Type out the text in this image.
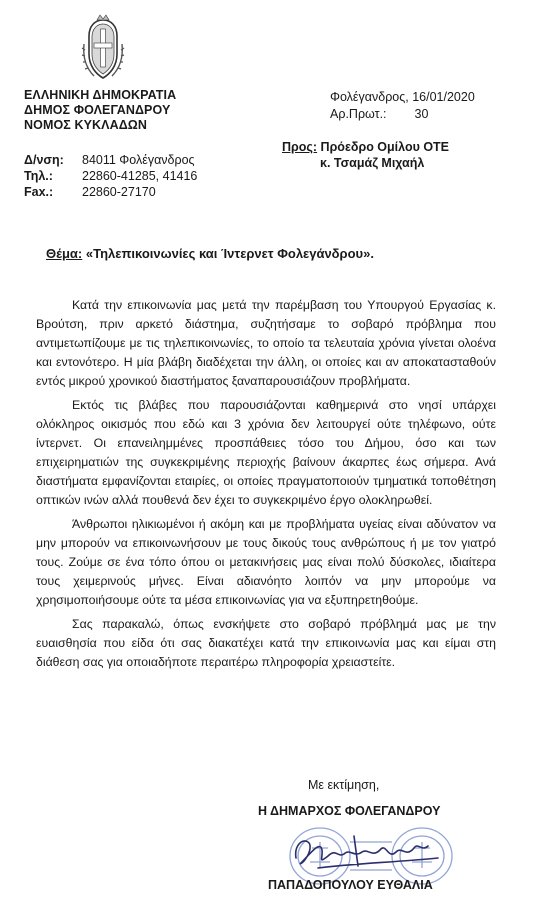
ΕΛΛΗΝΙΚΗ ΔΗΜΟΚΡΑΤΙΑ
ΔΗΜΟΣ ΦΟΛΕΓΑΝΔΡΟΥ
ΝΟΜΟΣ ΚΥΚΛΑΔΩΝ
Δ/νση:	84011 Φολέγανδρος
Τηλ.:	22860-41285, 41416
Fax.:	22860-27170
Φολέγανδρος, 16/01/2020
Αρ.Πρωτ.: 30
Προς: Πρόεδρο Ομίλου ΟΤΕ
κ. Τσαμάζ Μιχαήλ
Θέμα: «Τηλεπικοινωνίες και Ίντερνετ Φολεγάνδρου».

Κατά την επικοινωνία μας μετά την παρέμβαση του Υπουργού Εργασίας κ. Βρούτση, πριν αρκετό διάστημα, συζητήσαμε το σοβαρό πρόβλημα που αντιμετωπίζουμε με τις τηλεπικοινωνίες, το οποίο τα τελευταία χρόνια γίνεται ολοένα και εντονότερο. Η μία βλάβη διαδέχεται την άλλη, οι οποίες και αν αποκατασταθούν εντός μικρού χρονικού διαστήματος ξαναπαρουσιάζουν προβλήματα.

Εκτός τις βλάβες που παρουσιάζονται καθημερινά στο νησί υπάρχει ολόκληρος οικισμός που εδώ και 3 χρόνια δεν λειτουργεί ούτε τηλέφωνο, ούτε ίντερνετ. Οι επανειλημμένες προσπάθειες τόσο του Δήμου, όσο και των επιχειρηματιών της συγκεκριμένης περιοχής βαίνουν άκαρπες έως σήμερα. Ανά διαστήματα εμφανίζονται εταιρίες, οι οποίες πραγματοποιούν τμηματικά τοποθέτηση οπτικών ινών αλλά πουθενά δεν έχει το συγκεκριμένο έργο ολοκληρωθεί.

Άνθρωποι ηλικιωμένοι ή ακόμη και με προβλήματα υγείας είναι αδύνατον να μην μπορούν να επικοινωνήσουν με τους δικούς τους ανθρώπους ή με τον γιατρό τους. Ζούμε σε ένα τόπο όπου οι μετακινήσεις μας είναι πολύ δύσκολες, ιδιαίτερα τους χειμερινούς μήνες. Είναι αδιανόητο λοιπόν να μην μπορούμε να χρησιμοποιήσουμε ούτε τα μέσα επικοινωνίας για να εξυπηρετηθούμε.

Σας παρακαλώ, όπως ενσκήψετε στο σοβαρό πρόβλημά μας με την ευαισθησία που είδα ότι σας διακατέχει κατά την επικοινωνία μας και είμαι στη διάθεση σας για οποιαδήποτε περαιτέρω πληροφορία χρειαστείτε.

Με εκτίμηση,
Η ΔΗΜΑΡΧΟΣ ΦΟΛΕΓΑΝΔΡΟΥ
ΠΑΠΑΔΟΠΟΥΛΟΥ ΕΥΘΑΛΙΑ
